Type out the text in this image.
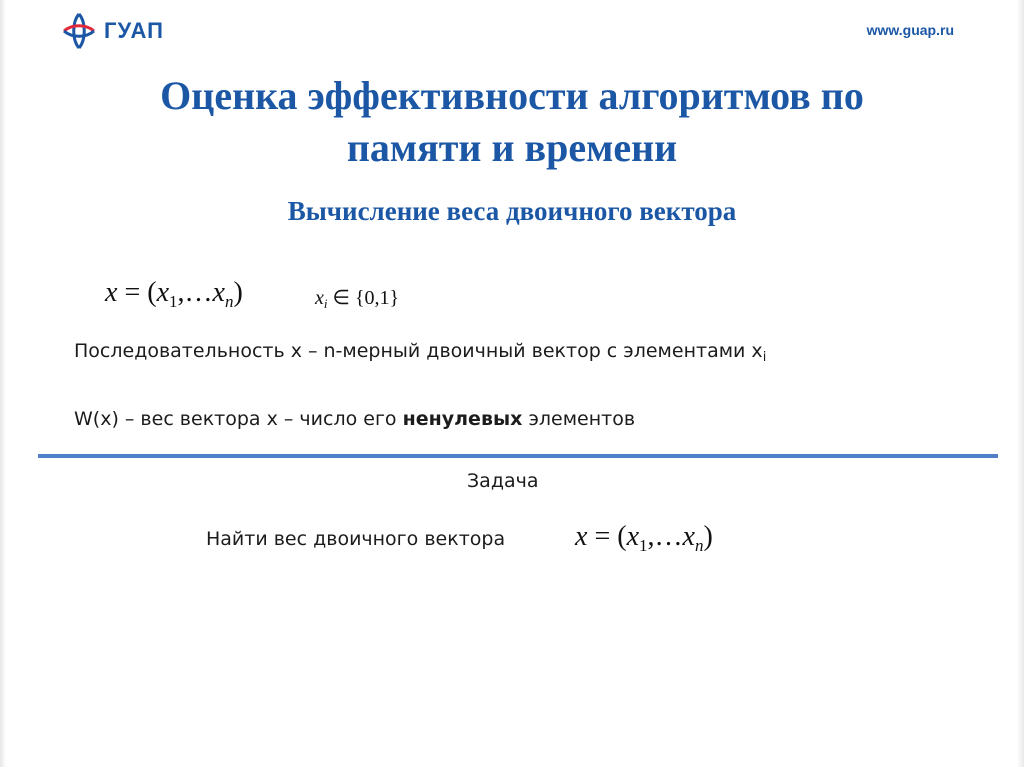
ГУАП	www.guap.ru
Оценка эффективности алгоритмов по
памяти и времени
Вычисление веса двоичного вектора
$x = (x_1,\dots x_n)$	$x_i$ ∈ {0,1}
Последовательность x – n-мерный двоичный вектор с элементами $x_i$
W(x) – вес вектора x – число его ненулевых элементов
Задача
Найти вес двоичного вектора $x = (x_1,\dots x_n)$
